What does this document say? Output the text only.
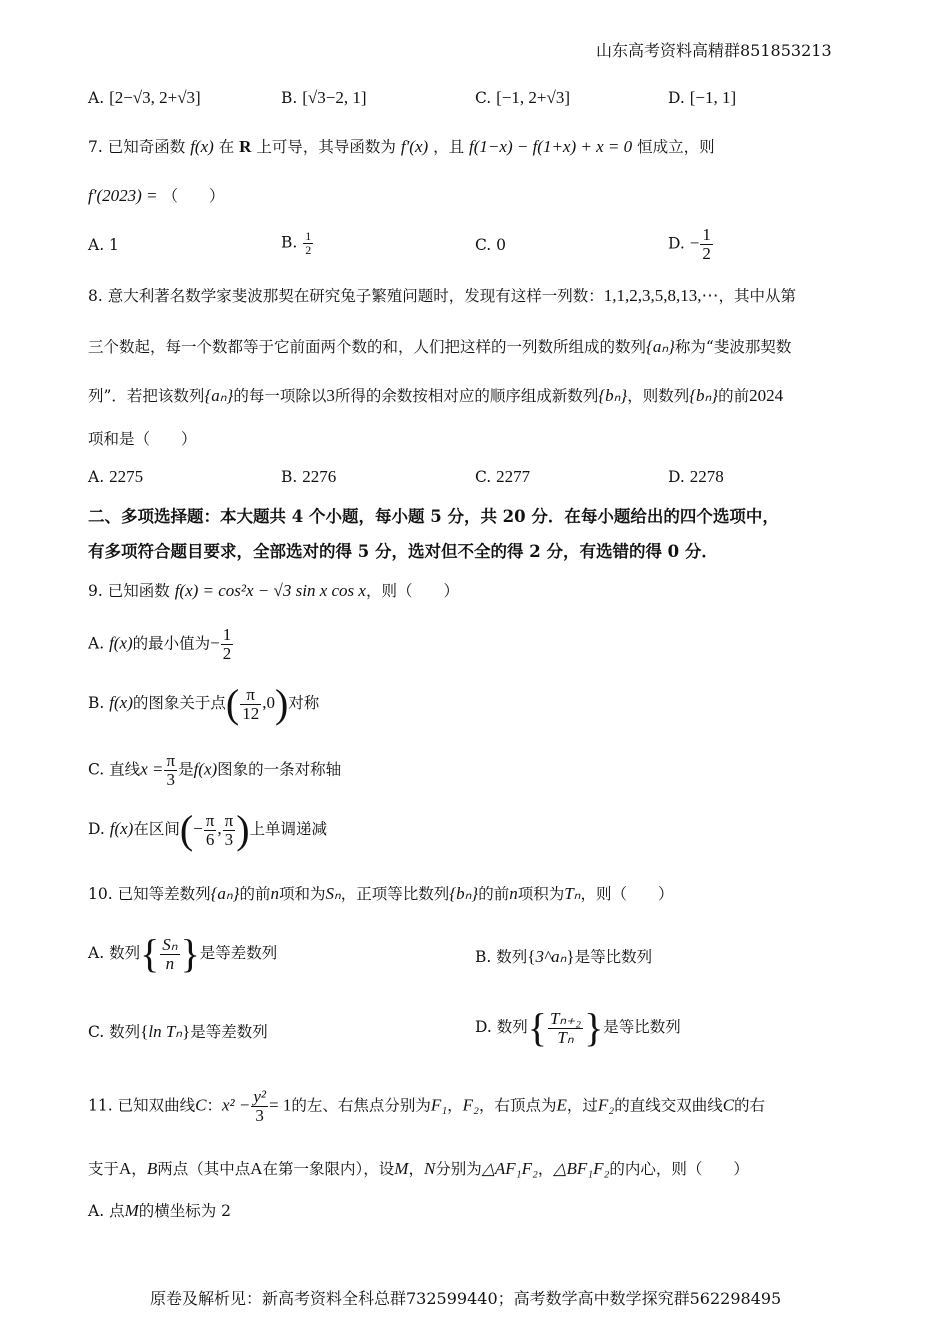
山东高考资料高精群851853213
A. [2−√3, 2+√3]	B. [√3−2, 1]	C. [−1, 2+√3]	D. [−1, 1]
7. 已知奇函数 f(x) 在 R 上可导，其导函数为 f′(x) ，且 f(1−x) − f(1+x) + x = 0 恒成立，则
f′(2023) = （　　）
A. 1	B. $\frac{1}{2}$	C. 0	D. − $\frac{1}{2}$
8. 意大利著名数学家斐波那契在研究兔子繁殖问题时，发现有这样一列数：1,1,2,3,5,8,13,⋯，其中从第
三个数起，每一个数都等于它前面两个数的和，人们把这样的一列数所组成的数列{aₙ}称为“斐波那契数
列”．若把该数列{aₙ}的每一项除以3所得的余数按相对应的顺序组成新数列{bₙ}，则数列{bₙ}的前2024
项和是（　　）
A. 2275	B. 2276	C. 2277	D. 2278
二、多项选择题：本大题共 4 个小题，每小题 5 分，共 20 分．在每小题给出的四个选项中，
有多项符合题目要求，全部选对的得 5 分，选对但不全的得 2 分，有选错的得 0 分．
9. 已知函数 f(x) = cos²x − √3 sin x cos x，则（　　）
A. f(x)的最小值为− $\frac{1}{2}$
B. f(x)的图象关于点( $\frac{\pi}{12} ,0$)对称
C. 直线$x = \frac{\pi}{3}$ 是f(x)图象的一条对称轴
D. f(x)在区间(− $\frac{\pi}{6}$ , $\frac{\pi}{3}$ )上单调递减
10. 已知等差数列{aₙ}的前n项和为Sₙ，正项等比数列{bₙ}的前n项积为Tₙ，则（　　）
A. 数列{ $\frac{\text{Sₙ}}{n}$ }是等差数列	B. 数列{3^aₙ}是等比数列
C. 数列{ln Tₙ}是等差数列	D. 数列{ $\frac{\text{Tₙ₊₂}}{\text{Tₙ}}$ }是等比数列
11. 已知双曲线C：$x^2 - \frac{\text{y²}}{3} = 1$的左、右焦点分别为F₁，F₂，右顶点为E，过F₂的直线交双曲线C的右
支于A，B两点（其中点A在第一象限内），设M，N分别为△AF₁F₂，△BF₁F₂的内心，则（　　）
A. 点M的横坐标为 2
原卷及解析见：新高考资料全科总群732599440；高考数学高中数学探究群562298495
